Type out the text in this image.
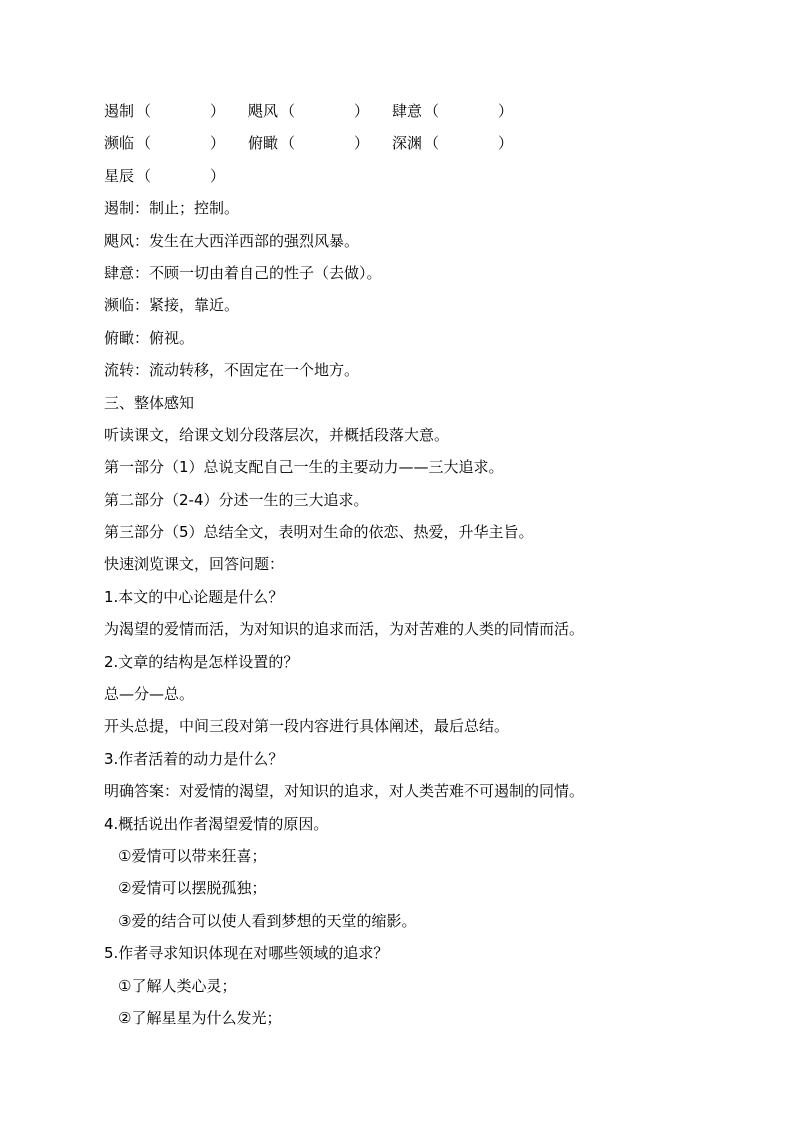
遏制 （	） 飓风 （	） 肆意 （	）
濒临 （	） 俯瞰 （	） 深渊 （	）
星辰 （	）
遏制：制止；控制。
飓风：发生在大西洋西部的强烈风暴。
肆意：不顾一切由着自己的性子（去做）。
濒临：紧接，靠近。
俯瞰：俯视。
流转：流动转移，不固定在一个地方。
三、整体感知
听读课文，给课文划分段落层次，并概括段落大意。
第一部分（1）总说支配自己一生的主要动力——三大追求。
第二部分（2-4）分述一生的三大追求。
第三部分（5）总结全文，表明对生命的依恋、热爱，升华主旨。
快速浏览课文，回答问题：
1.本文的中心论题是什么？
为渴望的爱情而活，为对知识的追求而活，为对苦难的人类的同情而活。
2.文章的结构是怎样设置的？
总—分—总。
开头总提，中间三段对第一段内容进行具体阐述，最后总结。
3.作者活着的动力是什么？
明确答案：对爱情的渴望，对知识的追求，对人类苦难不可遏制的同情。
4.概括说出作者渴望爱情的原因。
①爱情可以带来狂喜；
②爱情可以摆脱孤独；
③爱的结合可以使人看到梦想的天堂的缩影。
5.作者寻求知识体现在对哪些领域的追求？
①了解人类心灵；
②了解星星为什么发光；
